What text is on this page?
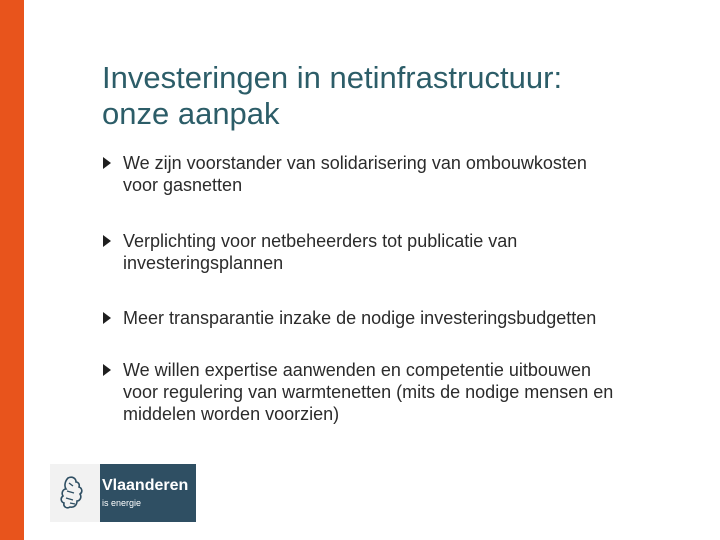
Investeringen in netinfrastructuur:
onze aanpak
We zijn voorstander van solidarisering van ombouwkosten
voor gasnetten
Verplichting voor netbeheerders tot publicatie van
investeringsplannen
Meer transparantie inzake de nodige investeringsbudgetten
We willen expertise aanwenden en competentie uitbouwen
voor regulering van warmtenetten (mits de nodige mensen en
middelen worden voorzien)
Vlaanderen
is energie
